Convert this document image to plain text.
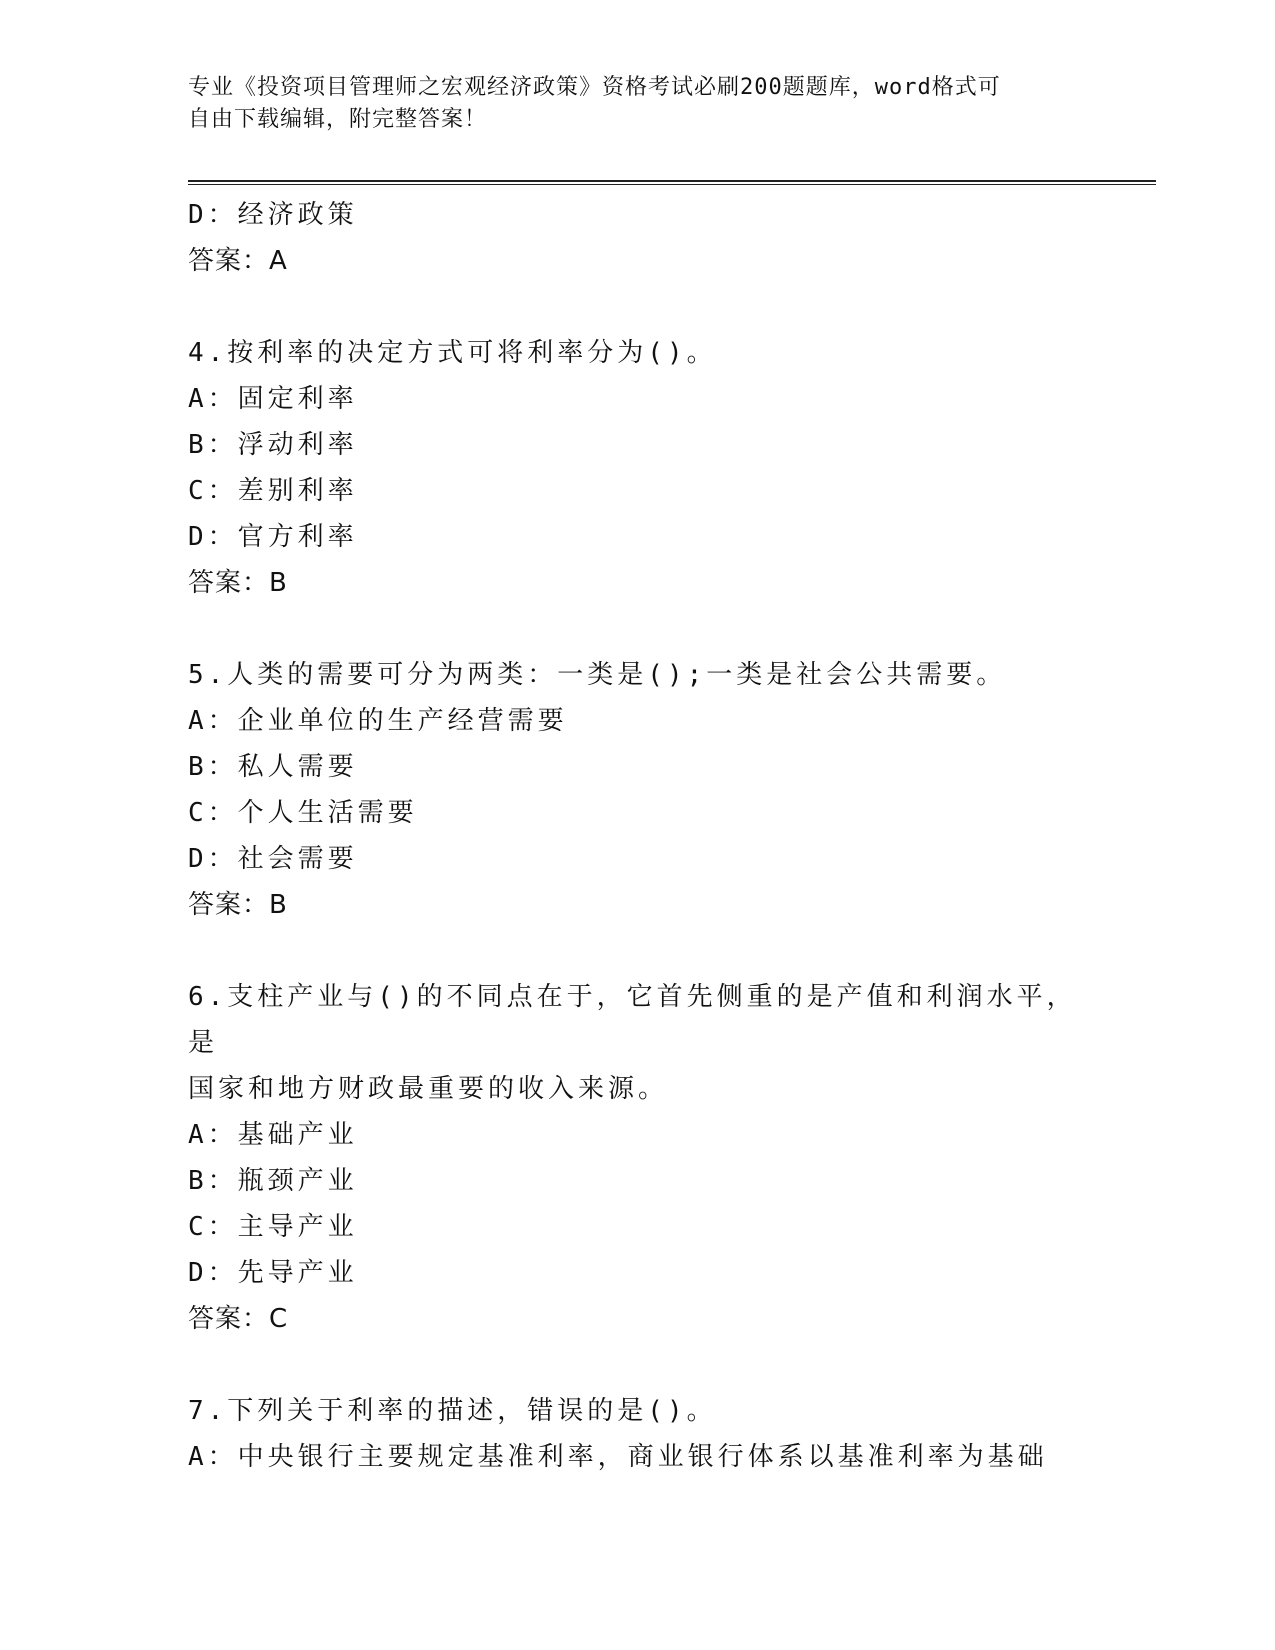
专业《投资项目管理师之宏观经济政策》资格考试必刷200题题库，word格式可
自由下载编辑，附完整答案！
D：经济政策
答案：A
4.按利率的决定方式可将利率分为()。
A：固定利率
B：浮动利率
C：差别利率
D：官方利率
答案：B
5.人类的需要可分为两类：一类是();一类是社会公共需要。
A：企业单位的生产经营需要
B：私人需要
C：个人生活需要
D：社会需要
答案：B
6.支柱产业与()的不同点在于，它首先侧重的是产值和利润水平，是
国家和地方财政最重要的收入来源。
A：基础产业
B：瓶颈产业
C：主导产业
D：先导产业
答案：C
7.下列关于利率的描述，错误的是()。
A：中央银行主要规定基准利率，商业银行体系以基准利率为基础
